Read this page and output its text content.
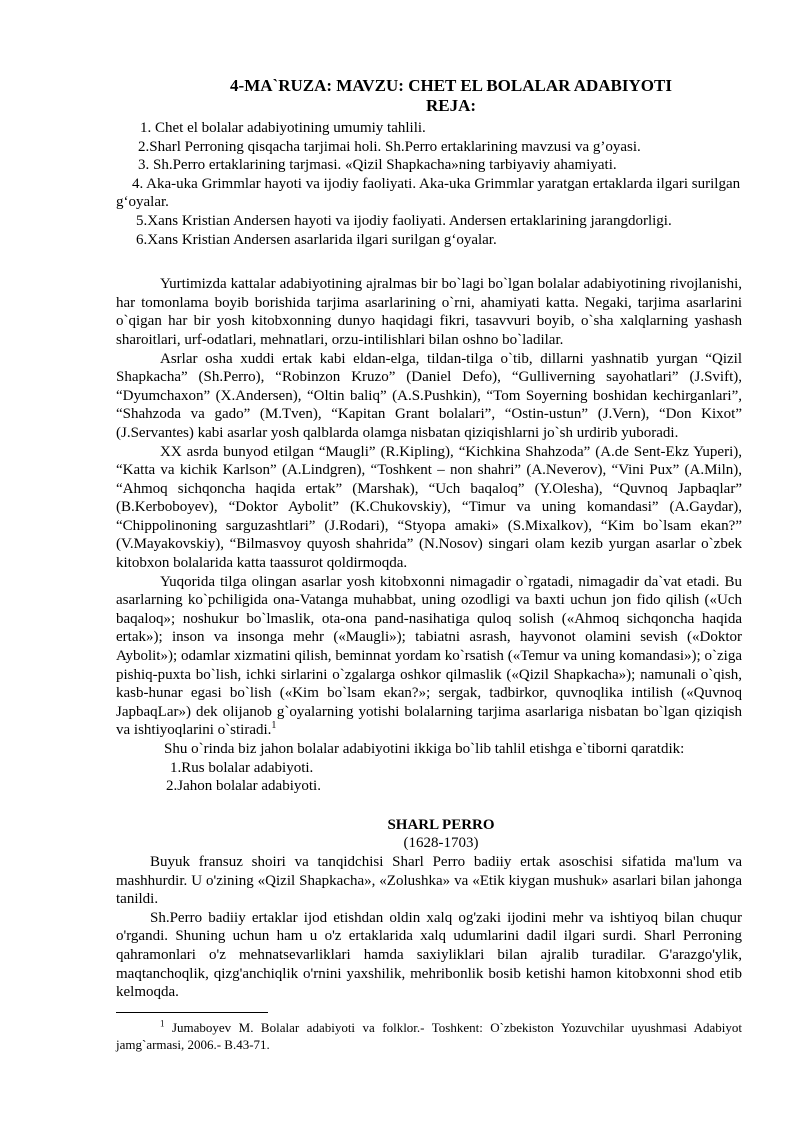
4-MA`RUZA: MAVZU: CHET EL BOLALAR ADABIYOTI
REJA:

1. Chet el bolalar adabiyotining umumiy tahlili.

2.Sharl Perroning qisqacha tarjimai holi. Sh.Perro ertaklarining mavzusi va g’oyasi.

3. Sh.Perro ertaklarining tarjmasi. «Qizil Shapkacha»ning tarbiyaviy ahamiyati.

4. Aka-uka Grimmlar hayoti va ijodiy faoliyati. Aka-uka Grimmlar yaratgan ertaklarda ilgari surilgan g‘oyalar.

5.Xans Kristian Andersen hayoti va ijodiy faoliyati. Andersen ertaklarining jarangdorligi.

6.Xans Kristian Andersen asarlarida ilgari surilgan g‘oyalar.

Yurtimizda kattalar adabiyotining ajralmas bir bo`lagi bo`lgan bolalar adabiyotining rivojlanishi, har tomonlama boyib borishida tarjima asarlarining o`rni, ahamiyati katta. Negaki, tarjima asarlarini o`qigan har bir yosh kitobxonning dunyo haqidagi fikri, tasavvuri boyib, o`sha xalqlarning yashash sharoitlari, urf-odatlari, mehnatlari, orzu-intilishlari bilan oshno bo`ladilar.

Asrlar osha xuddi ertak kabi eldan-elga, tildan-tilga o`tib, dillarni yashnatib yurgan “Qizil Shapkacha” (Sh.Perro), “Robinzon Kruzo” (Daniel Defo), “Gulliverning sayohatlari” (J.Svift), “Dyumchaxon” (X.Andersen), “Oltin baliq” (A.S.Pushkin), “Tom Soyerning boshidan kechirganlari”, “Shahzoda va gado” (M.Tven), “Kapitan Grant bolalari”, “Ostin-ustun” (J.Vern), “Don Kixot” (J.Servantes) kabi asarlar yosh qalblarda olamga nisbatan qiziqishlarni jo`sh urdirib yuboradi.

XX asrda bunyod etilgan “Maugli” (R.Kipling), “Kichkina Shahzoda” (A.de Sent-Ekz Yuperi), “Katta va kichik Karlson” (A.Lindgren), “Toshkent – non shahri” (A.Neverov), “Vini Pux” (A.Miln), “Ahmoq sichqoncha haqida ertak” (Marshak), “Uch baqaloq” (Y.Olesha), “Quvnoq Japbaqlar” (B.Kerboboyev), “Doktor Aybolit” (K.Chukovskiy), “Timur va uning komandasi” (A.Gaydar), “Chippolinoning sarguzashtlari” (J.Rodari), “Styopa amaki» (S.Mixalkov), “Kim bo`lsam ekan?” (V.Mayakovskiy), “Bilmasvoy quyosh shahrida” (N.Nosov) singari olam kezib yurgan asarlar o`zbek kitobxon bolalarida katta taassurot qoldirmoqda.

Yuqorida tilga olingan asarlar yosh kitobxonni nimagadir o`rgatadi, nimagadir da`vat etadi. Bu asarlarning ko`pchiligida ona-Vatanga muhabbat, uning ozodligi va baxti uchun jon fido qilish («Uch baqaloq»; noshukur bo`lmaslik, ota-ona pand-nasihatiga quloq solish («Ahmoq sichqoncha haqida ertak»); inson va insonga mehr («Maugli»); tabiatni asrash, hayvonot olamini sevish («Doktor Aybolit»); odamlar xizmatini qilish, beminnat yordam ko`rsatish («Temur va uning komandasi»); o`ziga pishiq-puxta bo`lish, ichki sirlarini o`zgalarga oshkor qilmaslik («Qizil Shapkacha»); namunali o`qish, kasb-hunar egasi bo`lish («Kim bo`lsam ekan?»; sergak, tadbirkor, quvnoqlika intilish («Quvnoq JapbaqLar») dek olijanob g`oyalarning yotishi bolalarning tarjima asarlariga nisbatan bo`lgan qiziqish va ishtiyoqlarini o`stiradi.$^1$

Shu o`rinda biz jahon bolalar adabiyotini ikkiga bo`lib tahlil etishga e`tiborni qaratdik:

1.Rus bolalar adabiyoti.

2.Jahon bolalar adabiyoti.

SHARL PERRO

(1628-1703)

Buyuk fransuz shoiri va tanqidchisi Sharl Perro badiiy ertak asoschisi sifatida ma'lum va mashhurdir. U o'zining «Qizil Shapkacha», «Zolushka» va «Etik kiygan mushuk» asarlari bilan jahonga tanildi.

Sh.Perro badiiy ertaklar ijod etishdan oldin xalq og'zaki ijodini mehr va ishtiyoq bilan chuqur o'rgandi. Shuning uchun ham u o'z ertaklarida xalq udumlarini dadil ilgari surdi. Sharl Perroning qahramonlari o'z mehnatsevarliklari hamda saxiyliklari bilan ajralib turadilar. G'arazgo'ylik, maqtanchoqlik, qizg'anchiqlik o'rnini yaxshilik, mehribonlik bosib ketishi hamon kitobxonni shod etib kelmoqda.

$^1$ Jumaboyev M. Bolalar adabiyoti va folklor.- Toshkent: O`zbekiston Yozuvchilar uyushmasi Adabiyot jamg`armasi, 2006.- B.43-71.
